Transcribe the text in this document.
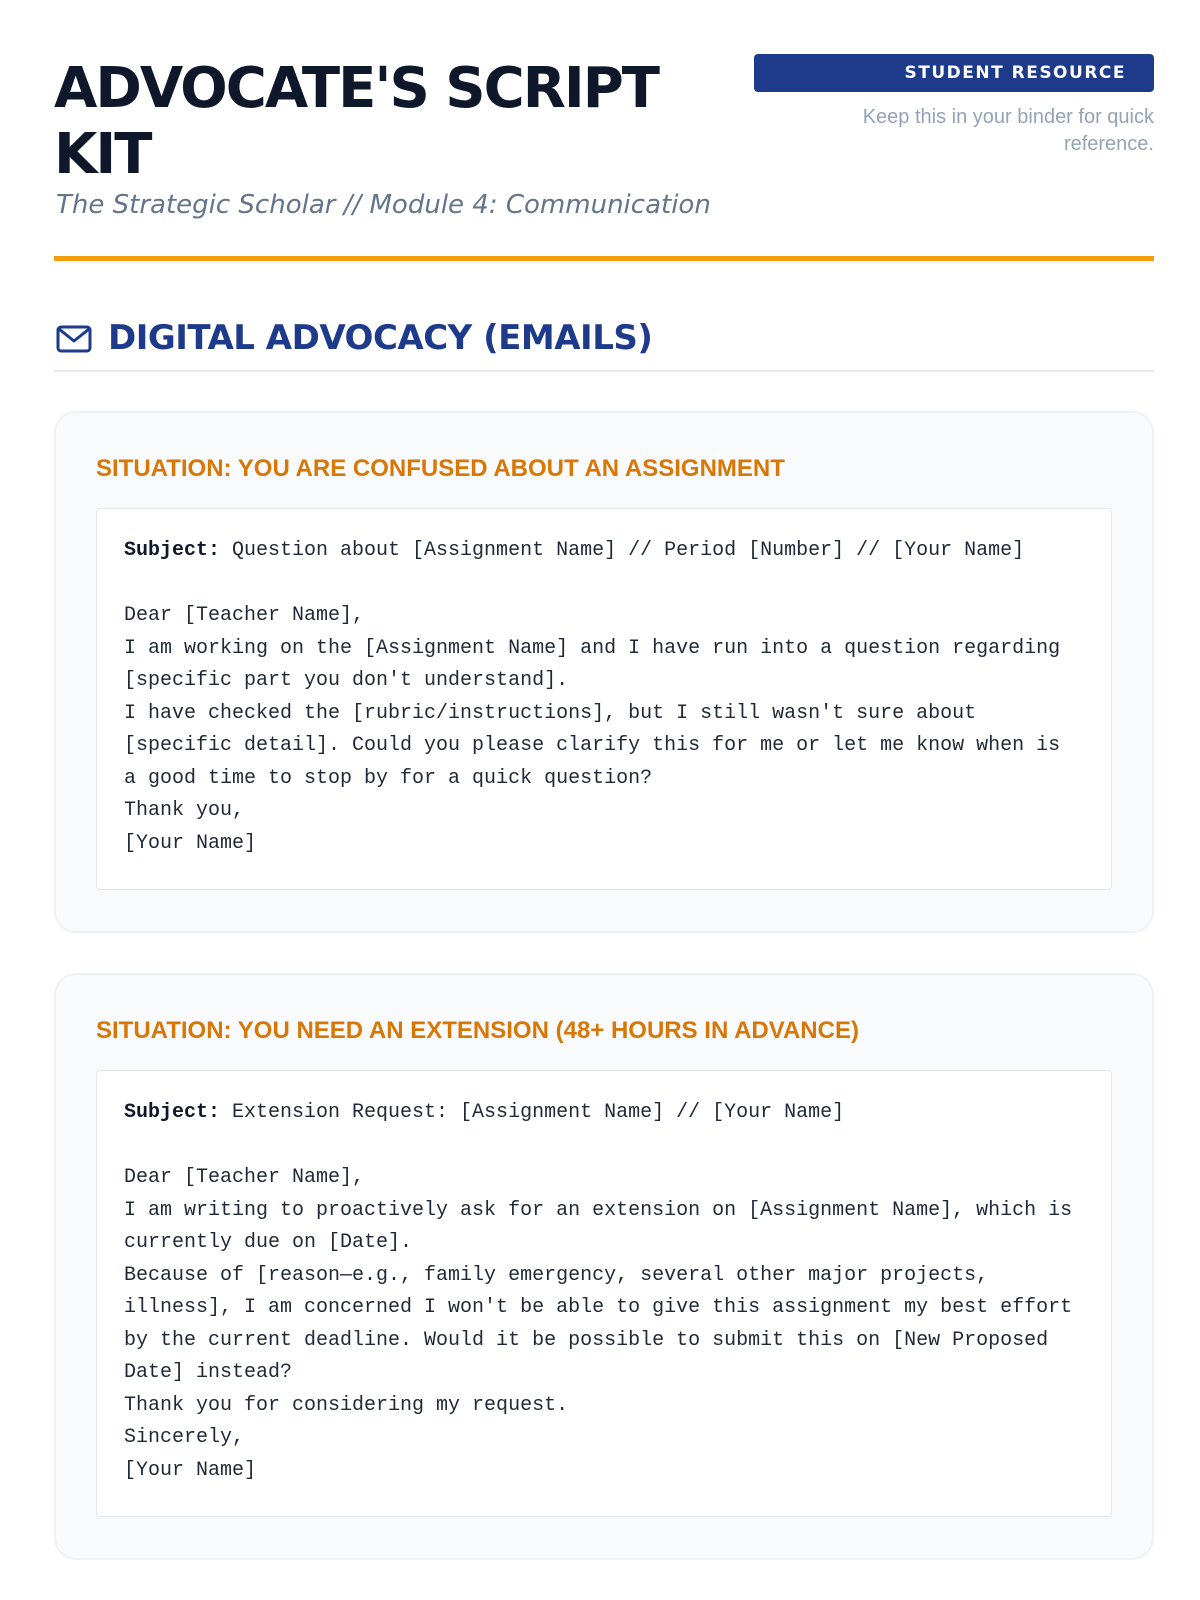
ADVOCATE'S SCRIPT KIT

The Strategic Scholar // Module 4: Communication

STUDENT RESOURCE
Keep this in your binder for quick reference.
DIGITAL ADVOCACY (EMAILS)
SITUATION: YOU ARE CONFUSED ABOUT AN ASSIGNMENT
Subject: Question about [Assignment Name] // Period [Number] // [Your Name]
Dear [Teacher Name],
I am working on the [Assignment Name] and I have run into a question regarding
[specific part you don't understand].
I have checked the [rubric/instructions], but I still wasn't sure about
[specific detail]. Could you please clarify this for me or let me know when is
a good time to stop by for a quick question?
Thank you,
[Your Name]
SITUATION: YOU NEED AN EXTENSION (48+ HOURS IN ADVANCE)
Subject: Extension Request: [Assignment Name] // [Your Name]
Dear [Teacher Name],
I am writing to proactively ask for an extension on [Assignment Name], which is
currently due on [Date].
Because of [reason—e.g., family emergency, several other major projects,
illness], I am concerned I won't be able to give this assignment my best effort
by the current deadline. Would it be possible to submit this on [New Proposed
Date] instead?
Thank you for considering my request.
Sincerely,
[Your Name]
